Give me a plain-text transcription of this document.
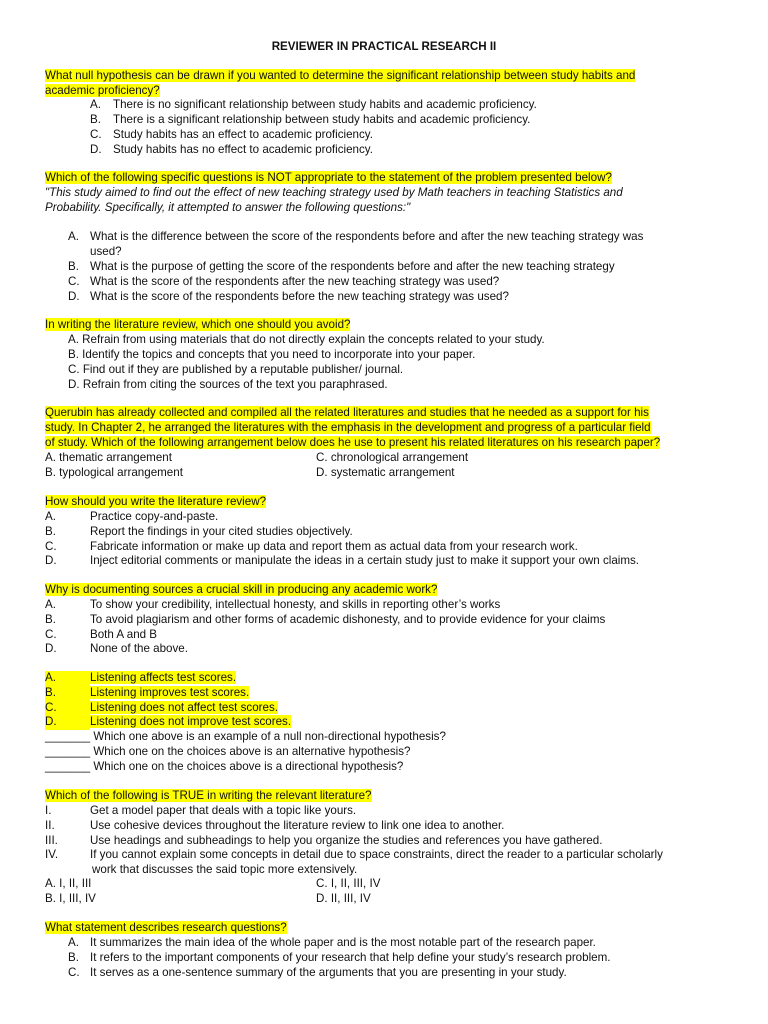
REVIEWER IN PRACTICAL RESEARCH II
What null hypothesis can be drawn if you wanted to determine the significant relationship between study habits and
academic proficiency?
A. There is no significant relationship between study habits and academic proficiency.
B. There is a significant relationship between study habits and academic proficiency.
C. Study habits has an effect to academic proficiency.
D. Study habits has no effect to academic proficiency.
Which of the following specific questions is NOT appropriate to the statement of the problem presented below?
"This study aimed to find out the effect of new teaching strategy used by Math teachers in teaching Statistics and
Probability. Specifically, it attempted to answer the following questions:"
A. What is the difference between the score of the respondents before and after the new teaching strategy was
used?
B. What is the purpose of getting the score of the respondents before and after the new teaching strategy
C. What is the score of the respondents after the new teaching strategy was used?
D. What is the score of the respondents before the new teaching strategy was used?
In writing the literature review, which one should you avoid?
A. Refrain from using materials that do not directly explain the concepts related to your study.
B. Identify the topics and concepts that you need to incorporate into your paper.
C. Find out if they are published by a reputable publisher/ journal.
D. Refrain from citing the sources of the text you paraphrased.
Querubin has already collected and compiled all the related literatures and studies that he needed as a support for his
study. In Chapter 2, he arranged the literatures with the emphasis in the development and progress of a particular field
of study. Which of the following arrangement below does he use to present his related literatures on his research paper?
A. thematic arrangement	C. chronological arrangement
B. typological arrangement	D. systematic arrangement
How should you write the literature review?
A.	Practice copy-and-paste.
B.	Report the findings in your cited studies objectively.
C.	Fabricate information or make up data and report them as actual data from your research work.
D.	Inject editorial comments or manipulate the ideas in a certain study just to make it support your own claims.
Why is documenting sources a crucial skill in producing any academic work?
A.	To show your credibility, intellectual honesty, and skills in reporting other’s works
B.	To avoid plagiarism and other forms of academic dishonesty, and to provide evidence for your claims
C.	Both A and B
D.	None of the above.
A.	Listening affects test scores.
B.	Listening improves test scores.
C.	Listening does not affect test scores.
D.	Listening does not improve test scores.
_______ Which one above is an example of a null non-directional hypothesis?
_______ Which one on the choices above is an alternative hypothesis?
_______ Which one on the choices above is a directional hypothesis?
Which of the following is TRUE in writing the relevant literature?
I.	Get a model paper that deals with a topic like yours.
II.	Use cohesive devices throughout the literature review to link one idea to another.
III.	Use headings and subheadings to help you organize the studies and references you have gathered.
IV.	If you cannot explain some concepts in detail due to space constraints, direct the reader to a particular scholarly
work that discusses the said topic more extensively.
A. I, II, III	C. I, II, III, IV
B. I, III, IV	D. II, III, IV
What statement describes research questions?
A. It summarizes the main idea of the whole paper and is the most notable part of the research paper.
B. It refers to the important components of your research that help define your study’s research problem.
C. It serves as a one-sentence summary of the arguments that you are presenting in your study.
